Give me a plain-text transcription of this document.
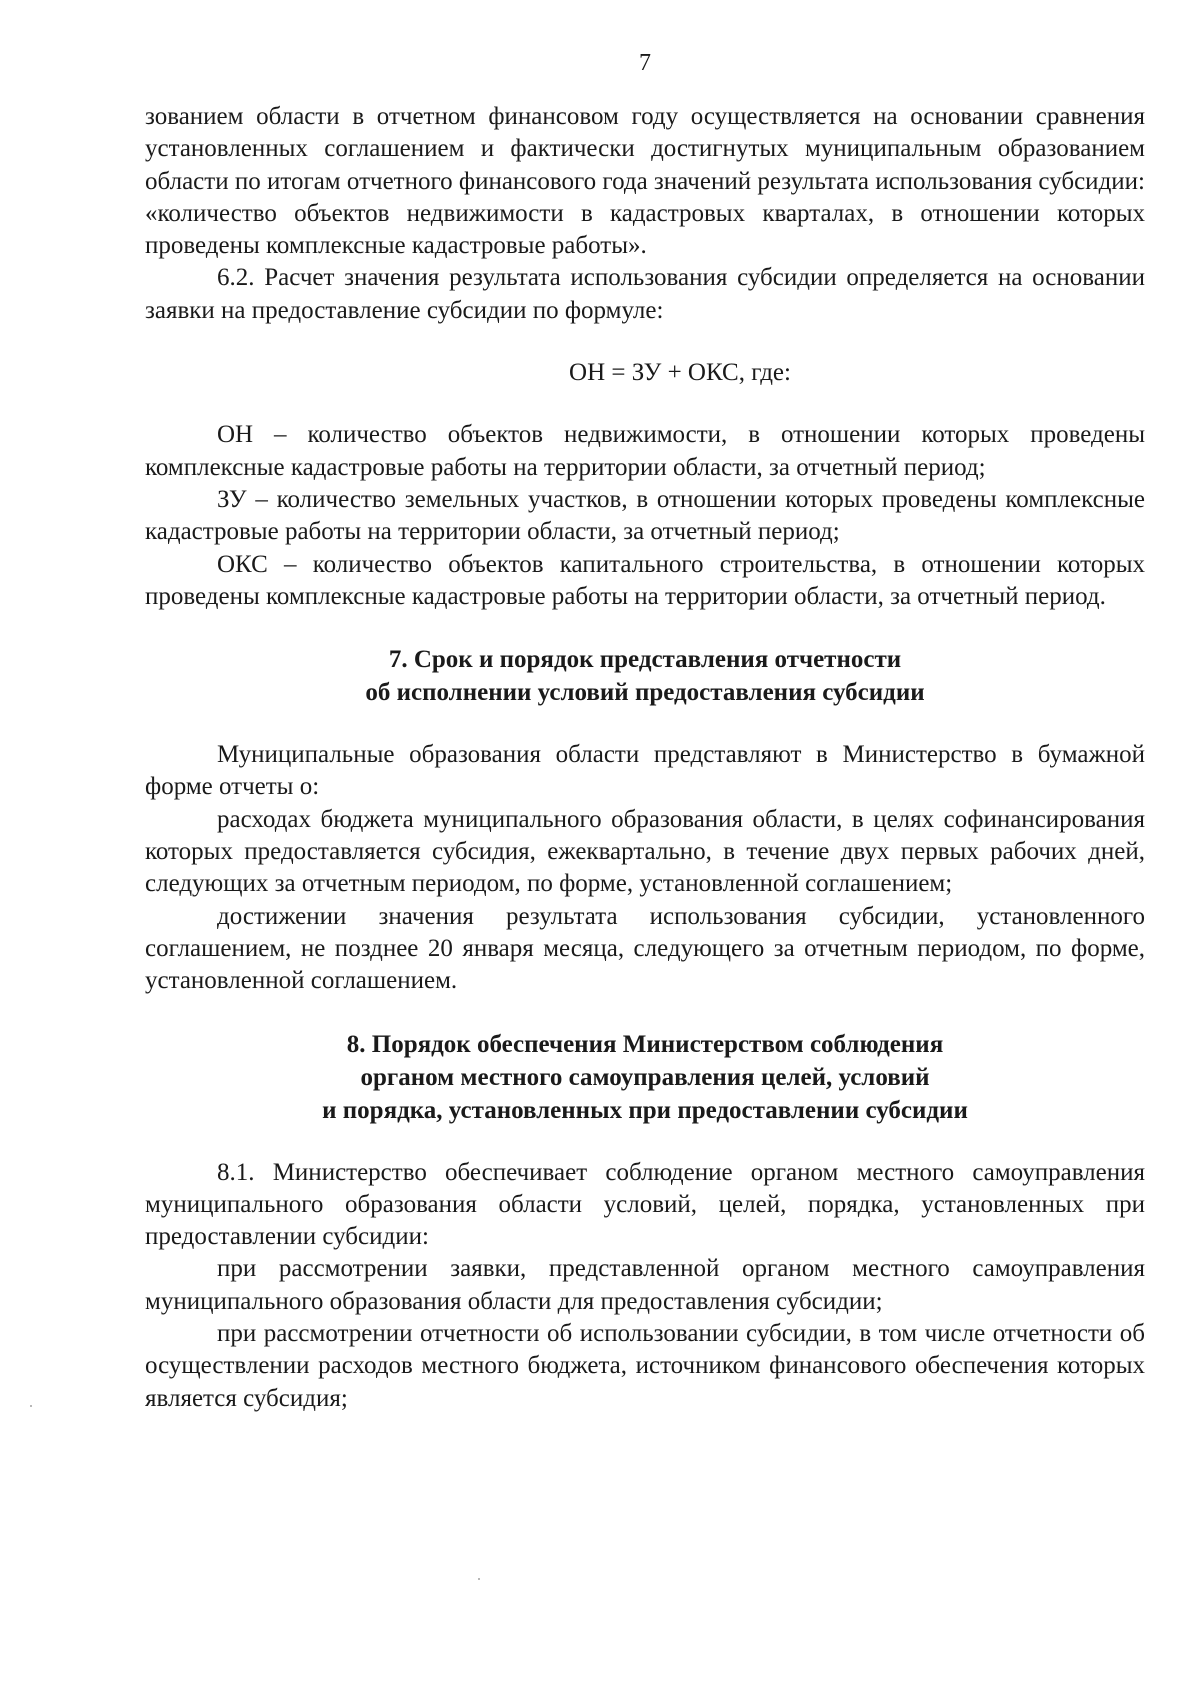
7

зованием области в отчетном финансовом году осуществляется на основании сравнения установленных соглашением и фактически достигнутых муниципальным образованием области по итогам отчетного финансового года значений результата использования субсидии: «количество объектов недвижимости в кадастровых кварталах, в отношении которых проведены комплексные кадастровые работы».

6.2. Расчет значения результата использования субсидии определяется на основании заявки на предоставление субсидии по формуле:

ОН = ЗУ + ОКС, где:

ОН – количество объектов недвижимости, в отношении которых проведены комплексные кадастровые работы на территории области, за отчетный период;

ЗУ – количество земельных участков, в отношении которых проведены комплексные кадастровые работы на территории области, за отчетный период;

ОКС – количество объектов капитального строительства, в отношении которых проведены комплексные кадастровые работы на территории области, за отчетный период.

7. Срок и порядок представления отчетности
об исполнении условий предоставления субсидии

Муниципальные образования области представляют в Министерство в бумажной форме отчеты о:

расходах бюджета муниципального образования области, в целях софинансирования которых предоставляется субсидия, ежеквартально, в течение двух первых рабочих дней, следующих за отчетным периодом, по форме, установленной соглашением;

достижении значения результата использования субсидии, установленного соглашением, не позднее 20 января месяца, следующего за отчетным периодом, по форме, установленной соглашением.

8. Порядок обеспечения Министерством соблюдения
органом местного самоуправления целей, условий
и порядка, установленных при предоставлении субсидии

8.1. Министерство обеспечивает соблюдение органом местного самоуправления муниципального образования области условий, целей, порядка, установленных при предоставлении субсидии:

при рассмотрении заявки, представленной органом местного самоуправления муниципального образования области для предоставления субсидии;

при рассмотрении отчетности об использовании субсидии, в том числе отчетности об осуществлении расходов местного бюджета, источником финансового обеспечения которых является субсидия;
